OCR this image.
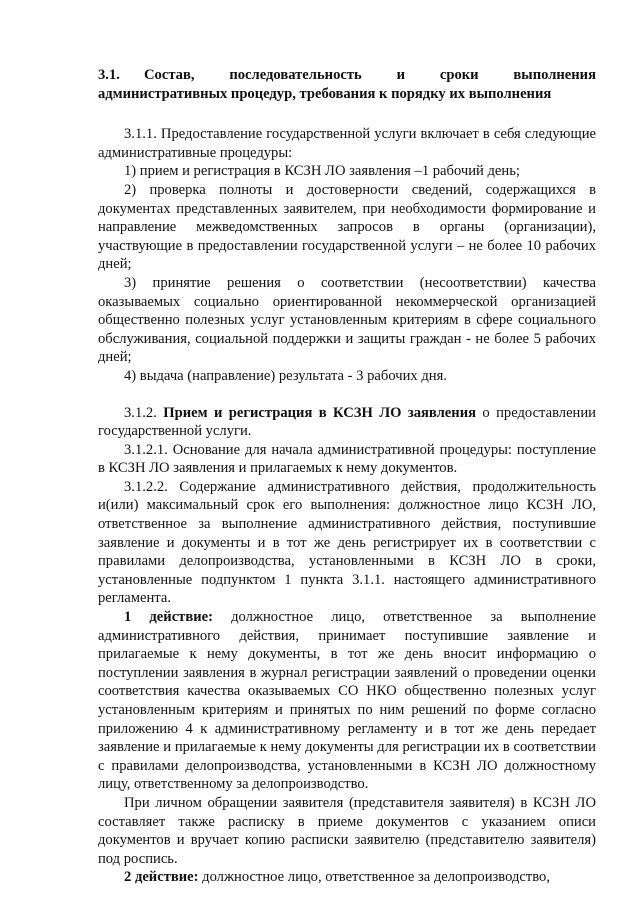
3.1. Состав, последовательность и сроки выполнения административных процедур, требования к порядку их выполнения

3.1.1. Предоставление государственной услуги включает в себя следующие административные процедуры:

1) прием и регистрация в КСЗН ЛО заявления –1 рабочий день;

2) проверка полноты и достоверности сведений, содержащихся в документах представленных заявителем, при необходимости формирование и направление межведомственных запросов в органы (организации), участвующие в предоставлении государственной услуги – не более 10 рабочих дней;

3) принятие решения о соответствии (несоответствии) качества оказываемых социально ориентированной некоммерческой организацией общественно полезных услуг установленным критериям в сфере социального обслуживания, социальной поддержки и защиты граждан - не более 5 рабочих дней;

4) выдача (направление) результата - 3 рабочих дня.

3.1.2. Прием и регистрация в КСЗН ЛО заявления о предоставлении государственной услуги.

3.1.2.1. Основание для начала административной процедуры: поступление в КСЗН ЛО заявления и прилагаемых к нему документов.

3.1.2.2. Содержание административного действия, продолжительность и(или) максимальный срок его выполнения: должностное лицо КСЗН ЛО, ответственное за выполнение административного действия, поступившие заявление и документы и в тот же день регистрирует их в соответствии с правилами делопроизводства, установленными в КСЗН ЛО в сроки, установленные подпунктом 1 пункта 3.1.1. настоящего административного регламента.

1 действие: должностное лицо, ответственное за выполнение административного действия, принимает поступившие заявление и прилагаемые к нему документы, в тот же день вносит информацию о поступлении заявления в журнал регистрации заявлений о проведении оценки соответствия качества оказываемых СО НКО общественно полезных услуг установленным критериям и принятых по ним решений по форме согласно приложению 4 к административному регламенту и в тот же день передает заявление и прилагаемые к нему документы для регистрации их в соответствии с правилами делопроизводства, установленными в КСЗН ЛО должностному лицу, ответственному за делопроизводство.

При личном обращении заявителя (представителя заявителя) в КСЗН ЛО составляет также расписку в приеме документов с указанием описи документов и вручает копию расписки заявителю (представителю заявителя) под роспись.

2 действие: должностное лицо, ответственное за делопроизводство,
